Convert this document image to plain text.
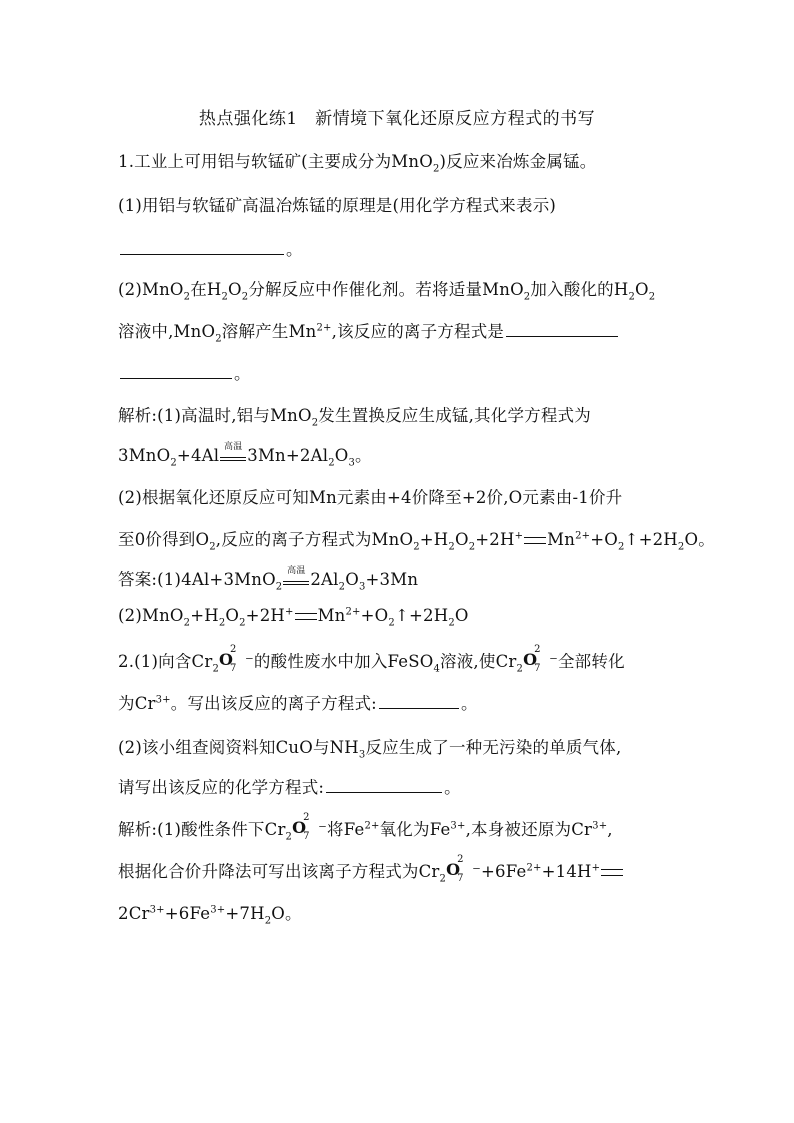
热点强化练1　新情境下氧化还原反应方程式的书写
1.工业上可用铝与软锰矿(主要成分为MnO$_2$)反应来冶炼金属锰。
(1)用铝与软锰矿高温冶炼锰的原理是(用化学方程式来表示)
。
(2)MnO$_2$在$H_2O_2$分解反应中作催化剂。若将适量MnO$_2$加入酸化的$H_2O_2$
溶液中,MnO$_2$溶解产生$Mn^{2+}$,该反应的离子方程式是
。
解析:(1)高温时,铝与MnO$_2$发生置换反应生成锰,其化学方程式为
3MnO$_2$+4Al 高温 $3Mn+2Al_2O_3$。
(2)根据氧化还原反应可知Mn元素由+4价降至+2价,O元素由-1价升
至0价得到$O_2$,反应的离子方程式为$MnO_2+H_2O_2+2H^+$ $Mn^{2+}+O_2↑+2H_2O$。
答案:(1)4Al+3MnO$_2$
高温 $2Al_2O_3+3Mn$
$(2)MnO_2+H_2O_2+2H^+$ $Mn^{2+}+O_2↑+2H_2O$
2.(1)向含$Cr_2$ O
2
7 ⁻的酸性废水中加入FeSO$_4$溶液,使$Cr_2$ O
2
7 ⁻全部转化
为$Cr^{3+}$。写出该反应的离子方程式:	。
(2)该小组查阅资料知CuO与$NH_3$反应生成了一种无污染的单质气体,
请写出该反应的化学方程式:	。
解析:(1)酸性条件下$Cr_2$ O
2
7 ⁻将$Fe^{2+}$氧化为$Fe^{3+}$,本身被还原为$Cr^{3+}$,
根据化合价升降法可写出该离子方程式为$Cr_2$ O
2
7 $^-+6Fe^{2+}+14H^+$
$2Cr^{3+}+6Fe^{3+}+7H_2O$。
